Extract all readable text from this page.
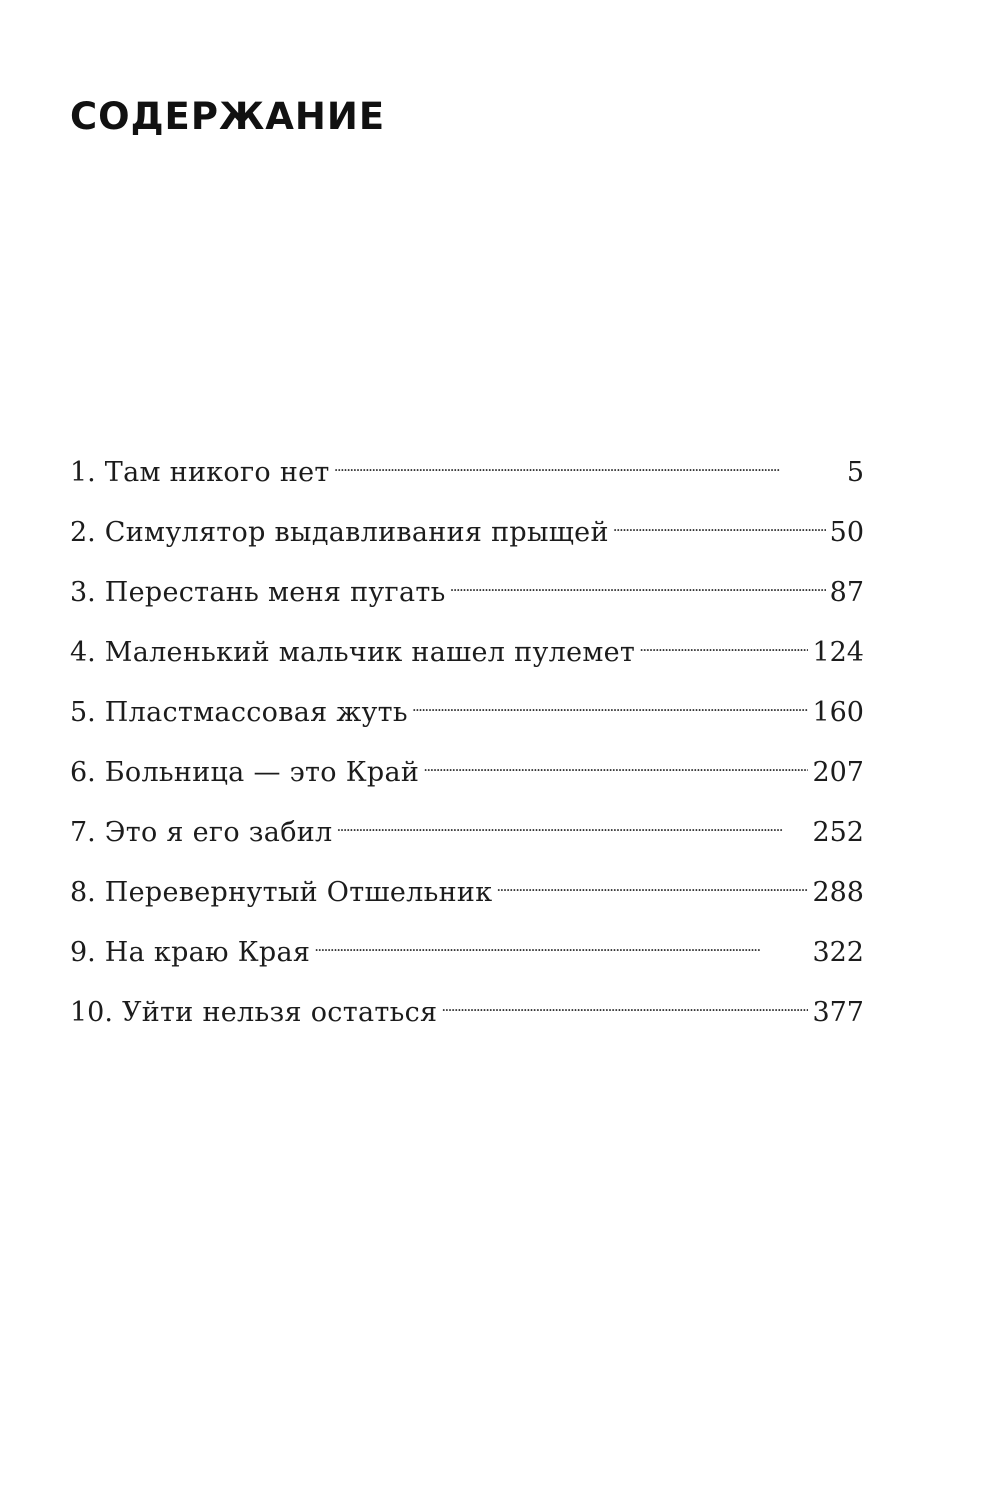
СОДЕРЖАНИЕ
1. Там никого нет . . .	5
2. Симулятор выдавливания прыщей . . .	50
3. Перестань меня пугать . . .	87
4. Маленький мальчик нашел пулемет . . .	124
5. Пластмассовая жуть . . .	160
6. Больница — это Край . . .	207
7. Это я его забил . . .	252
8. Перевернутый Отшельник . . .	288
9. На краю Края . . .	322
10. Уйти нельзя остаться . . .	377
